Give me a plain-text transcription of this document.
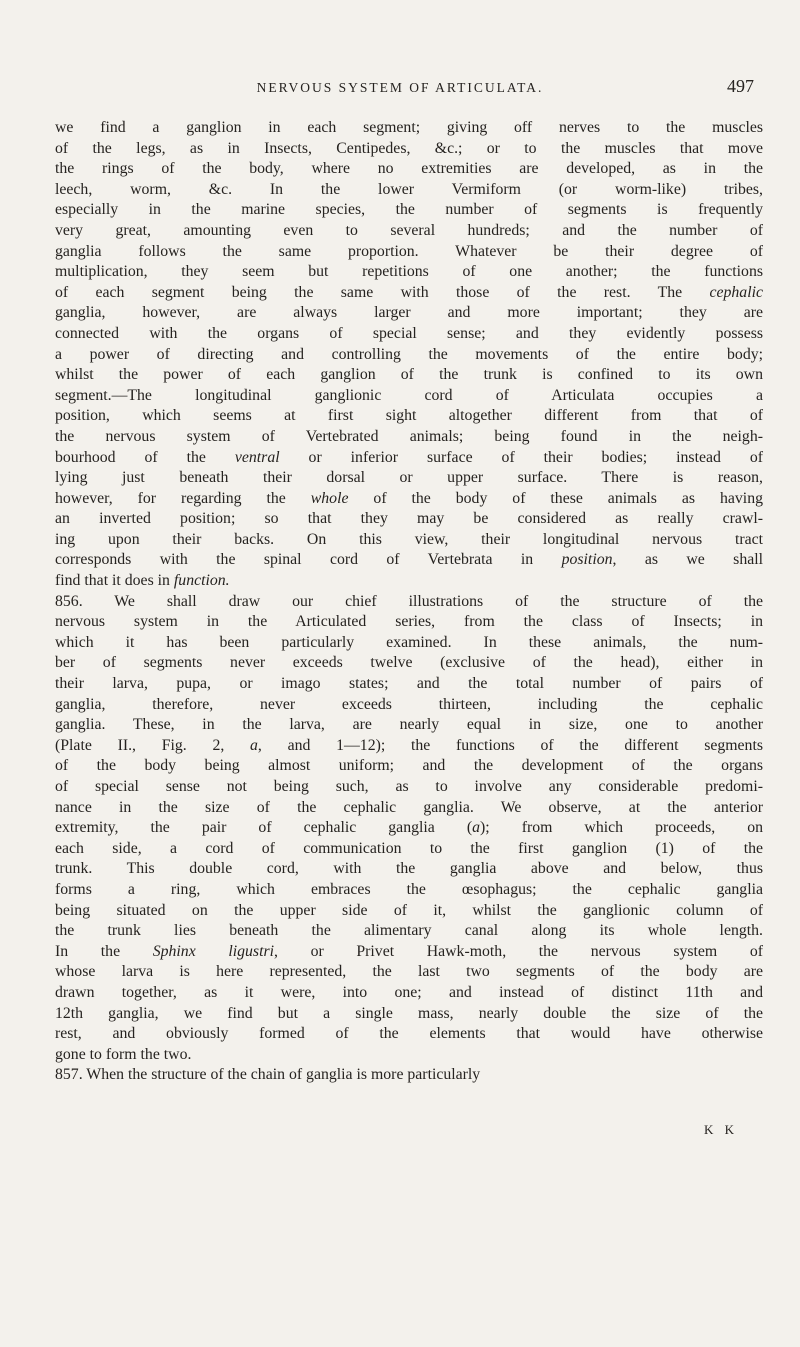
NERVOUS SYSTEM OF ARTICULATA.	497
we find a ganglion in each segment; giving off nerves to the muscles
of the legs, as in Insects, Centipedes, &c.; or to the muscles that move
the rings of the body, where no extremities are developed, as in the
leech, worm, &c. In the lower Vermiform (or worm-like) tribes,
especially in the marine species, the number of segments is frequently
very great, amounting even to several hundreds; and the number of
ganglia follows the same proportion. Whatever be their degree of
multiplication, they seem but repetitions of one another; the functions
of each segment being the same with those of the rest. The cephalic
ganglia, however, are always larger and more important; they are
connected with the organs of special sense; and they evidently possess
a power of directing and controlling the movements of the entire body;
whilst the power of each ganglion of the trunk is confined to its own
segment.—The longitudinal ganglionic cord of Articulata occupies a
position, which seems at first sight altogether different from that of
the nervous system of Vertebrated animals; being found in the neigh-
bourhood of the ventral or inferior surface of their bodies; instead of
lying just beneath their dorsal or upper surface. There is reason,
however, for regarding the whole of the body of these animals as having
an inverted position; so that they may be considered as really crawl-
ing upon their backs. On this view, their longitudinal nervous tract
corresponds with the spinal cord of Vertebrata in position, as we shall
find that it does in function.
856. We shall draw our chief illustrations of the structure of the
nervous system in the Articulated series, from the class of Insects; in
which it has been particularly examined. In these animals, the num-
ber of segments never exceeds twelve (exclusive of the head), either in
their larva, pupa, or imago states; and the total number of pairs of
ganglia, therefore, never exceeds thirteen, including the cephalic
ganglia. These, in the larva, are nearly equal in size, one to another
(Plate II., Fig. 2, a, and 1—12); the functions of the different segments
of the body being almost uniform; and the development of the organs
of special sense not being such, as to involve any considerable predomi-
nance in the size of the cephalic ganglia. We observe, at the anterior
extremity, the pair of cephalic ganglia (a); from which proceeds, on
each side, a cord of communication to the first ganglion (1) of the
trunk. This double cord, with the ganglia above and below, thus
forms a ring, which embraces the œsophagus; the cephalic ganglia
being situated on the upper side of it, whilst the ganglionic column of
the trunk lies beneath the alimentary canal along its whole length.
In the Sphinx ligustri, or Privet Hawk-moth, the nervous system of
whose larva is here represented, the last two segments of the body are
drawn together, as it were, into one; and instead of distinct 11th and
12th ganglia, we find but a single mass, nearly double the size of the
rest, and obviously formed of the elements that would have otherwise
gone to form the two.
857. When the structure of the chain of ganglia is more particularly
K K
